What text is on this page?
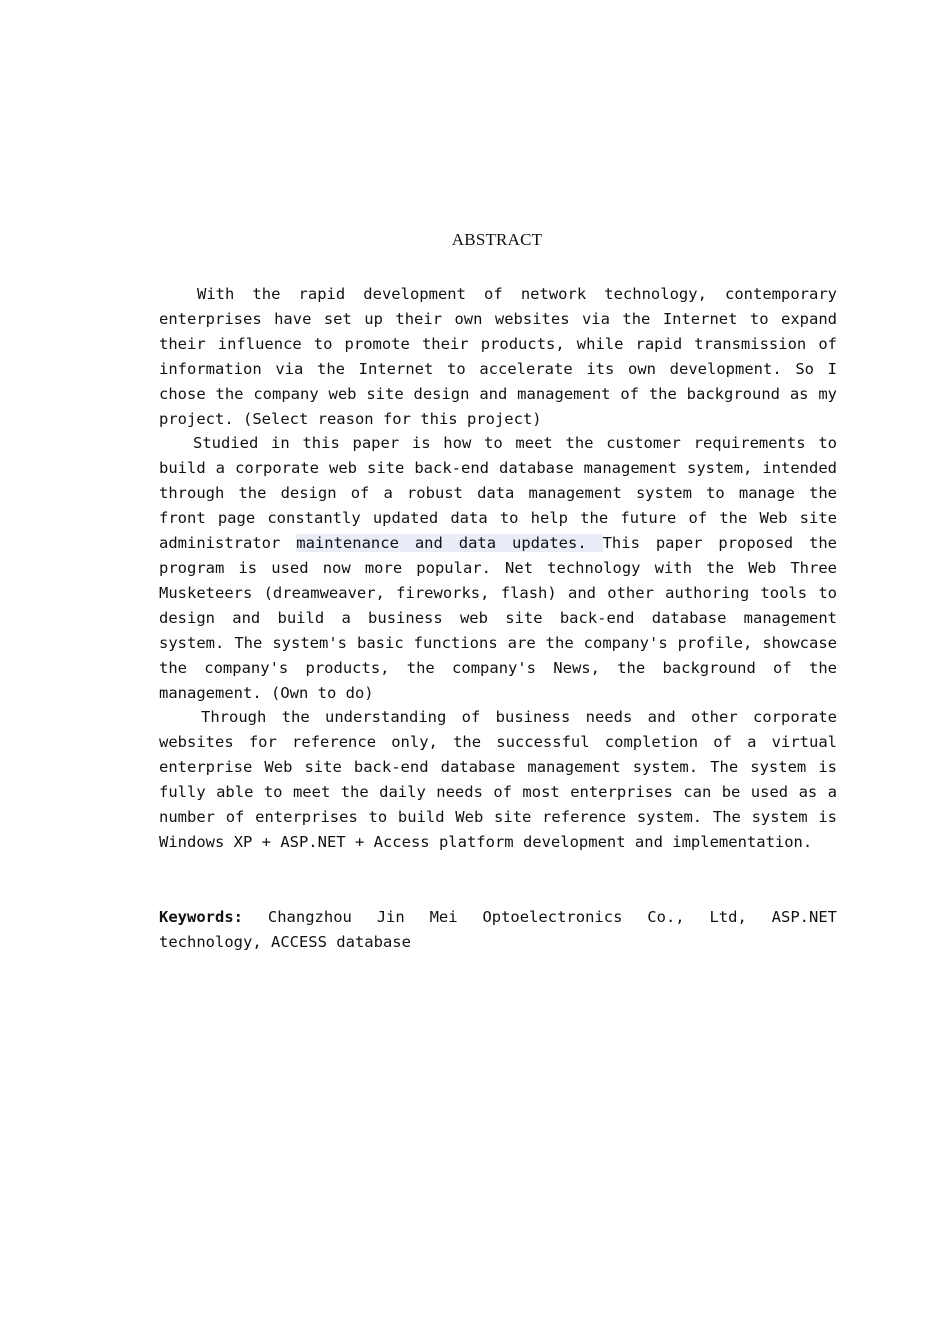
ABSTRACT

With the rapid development of network technology, contemporary enterprises have set up their own websites via the Internet to expand their influence to promote their products, while rapid transmission of information via the Internet to accelerate its own development. So I chose the company web site design and management of the background as my project. (Select reason for this project)

Studied in this paper is how to meet the customer requirements to build a corporate web site back-end database management system, intended through the design of a robust data management system to manage the front page constantly updated data to help the future of the Web site administrator maintenance and data updates. This paper proposed the program is used now more popular. Net technology with the Web Three Musketeers (dreamweaver, fireworks, flash) and other authoring tools to design and build a business web site back-end database management system. The system's basic functions are the company's profile, showcase the company's products, the company's News, the background of the management. (Own to do)

Through the understanding of business needs and other corporate websites for reference only, the successful completion of a virtual enterprise Web site back-end database management system. The system is fully able to meet the daily needs of most enterprises can be used as a number of enterprises to build Web site reference system. The system is Windows XP + ASP.NET + Access platform development and implementation.

Keywords: Changzhou Jin Mei Optoelectronics Co., Ltd, ASP.NET technology, ACCESS database
